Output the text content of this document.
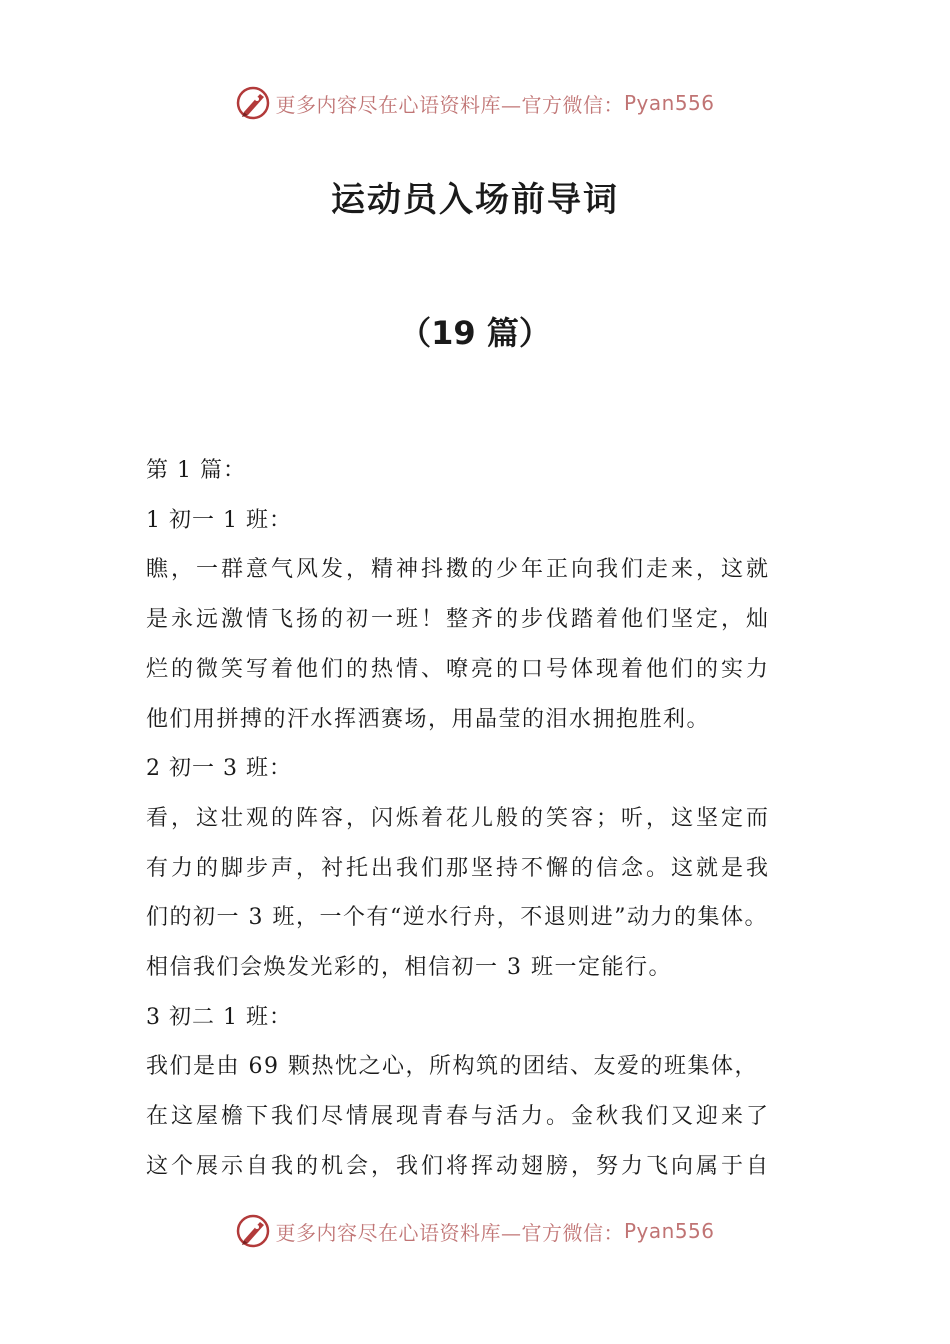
更多内容尽在心语资料库—官方微信： Pyan556
运动员入场前导词
（19 篇）
第 1 篇：
1 初一 1 班：
瞧，一群意气风发，精神抖擞的少年正向我们走来，这就
是永远激情飞扬的初一班！整齐的步伐踏着他们坚定，灿
烂的微笑写着他们的热情、嘹亮的口号体现着他们的实力
他们用拼搏的汗水挥洒赛场，用晶莹的泪水拥抱胜利。
2 初一 3 班：
看，这壮观的阵容，闪烁着花儿般的笑容；听，这坚定而
有力的脚步声，衬托出我们那坚持不懈的信念。这就是我
们的初一 3 班，一个有“逆水行舟，不退则进”动力的集体。
相信我们会焕发光彩的，相信初一 3 班一定能行。
3 初二 1 班：
我们是由 69 颗热忱之心，所构筑的团结、友爱的班集体，
在这屋檐下我们尽情展现青春与活力。金秋我们又迎来了
这个展示自我的机会，我们将挥动翅膀，努力飞向属于自
更多内容尽在心语资料库—官方微信： Pyan556
